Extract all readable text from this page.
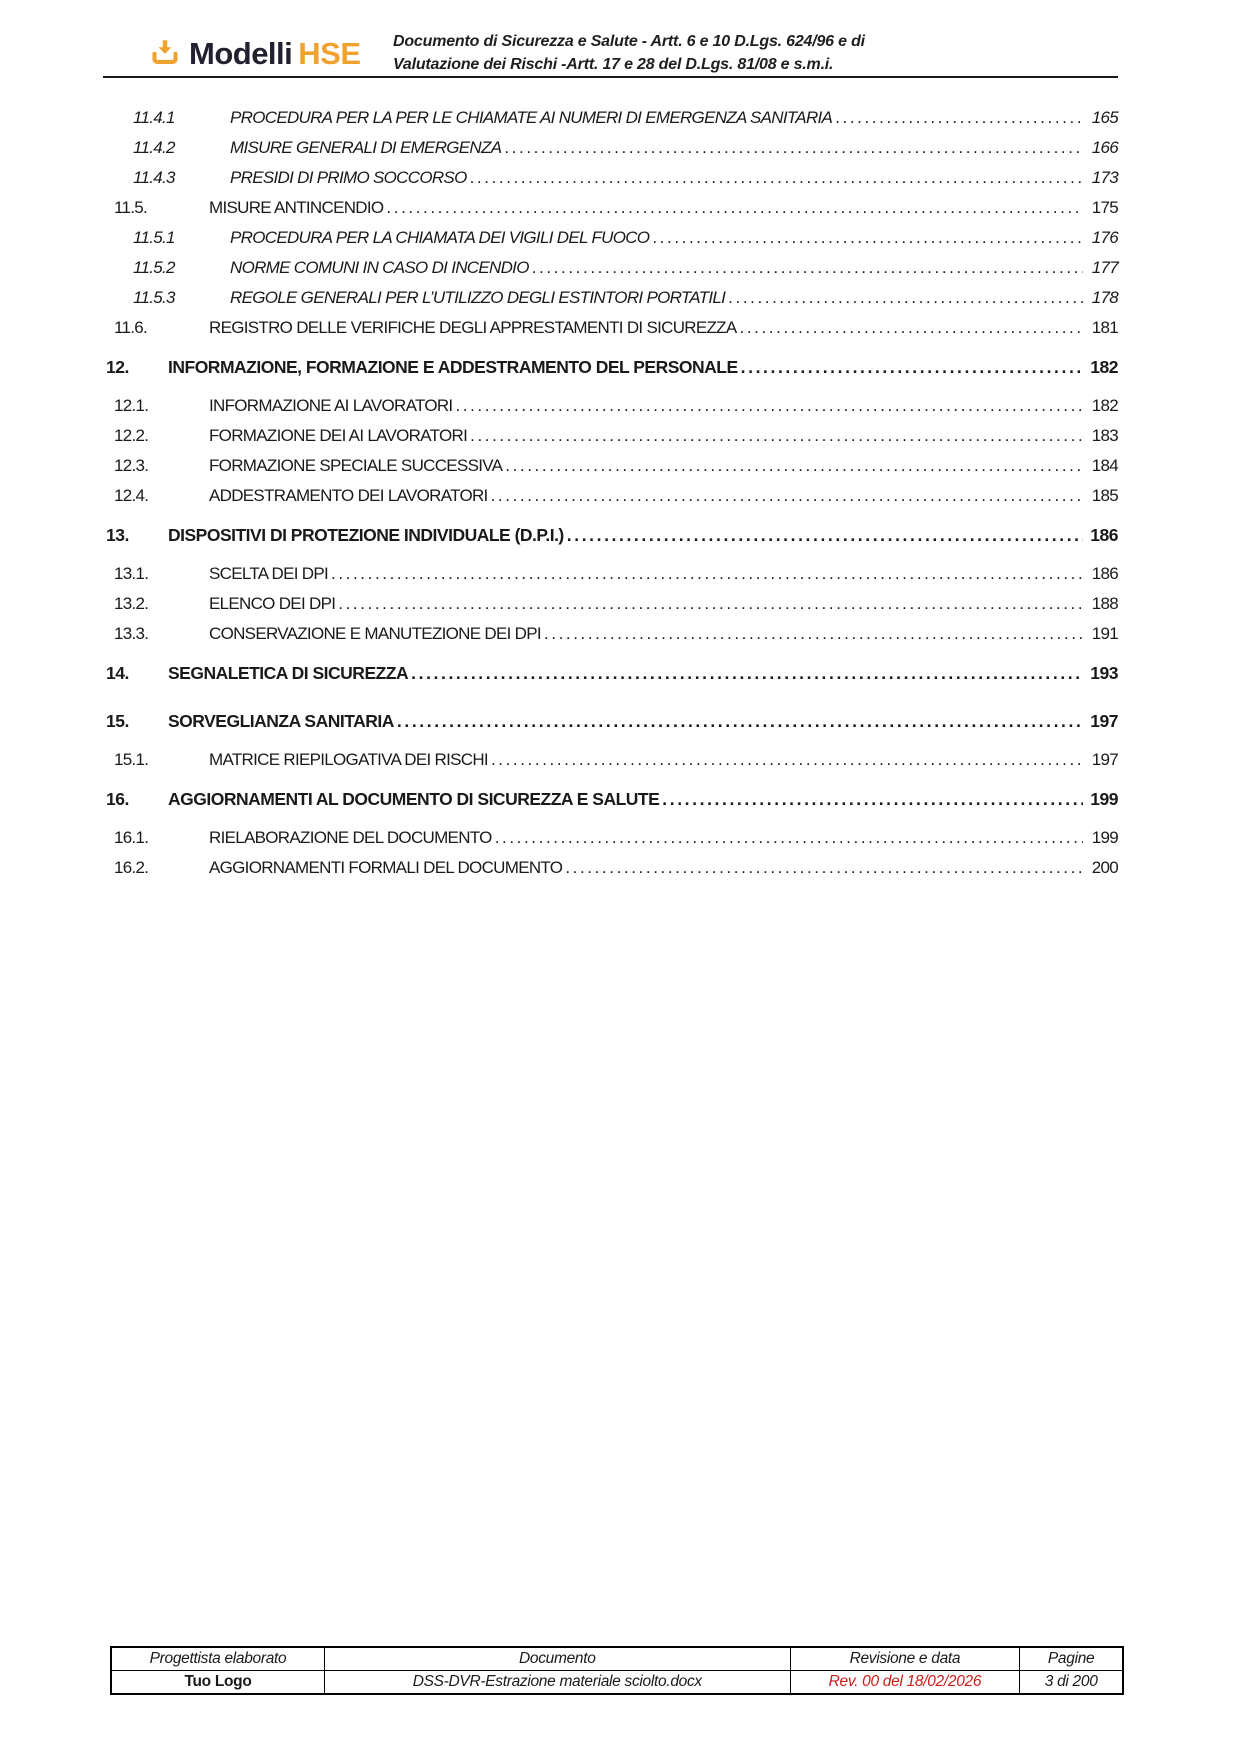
Modelli HSE Documento di Sicurezza e Salute - Artt. 6 e 10 D.Lgs. 624/96 e di
Valutazione dei Rischi -Artt. 17 e 28 del D.Lgs. 81/08 e s.m.i.
11.4.1	PROCEDURA PER LA PER LE CHIAMATE AI NUMERI DI EMERGENZA SANITARIA .....	165
11.4.2	MISURE GENERALI DI EMERGENZA .....	166
11.4.3	PRESIDI DI PRIMO SOCCORSO .....	173
11.5.	MISURE ANTINCENDIO .....	175
11.5.1	PROCEDURA PER LA CHIAMATA DEI VIGILI DEL FUOCO .....	176
11.5.2	NORME COMUNI IN CASO DI INCENDIO .....	177
11.5.3	REGOLE GENERALI PER L’UTILIZZO DEGLI ESTINTORI PORTATILI .....	178
11.6.	REGISTRO DELLE VERIFICHE DEGLI APPRESTAMENTI DI SICUREZZA .....	181
12.	INFORMAZIONE, FORMAZIONE E ADDESTRAMENTO DEL PERSONALE .....	182
12.1.	INFORMAZIONE AI LAVORATORI .....	182
12.2.	FORMAZIONE DEI AI LAVORATORI .....	183
12.3.	FORMAZIONE SPECIALE SUCCESSIVA .....	184
12.4.	ADDESTRAMENTO DEI LAVORATORI .....	185
13.	DISPOSITIVI DI PROTEZIONE INDIVIDUALE (D.P.I.) .....	186
13.1.	SCELTA DEI DPI .....	186
13.2.	ELENCO DEI DPI .....	188
13.3.	CONSERVAZIONE E MANUTEZIONE DEI DPI .....	191
14.	SEGNALETICA DI SICUREZZA .....	193
15.	SORVEGLIANZA SANITARIA .....	197
15.1.	MATRICE RIEPILOGATIVA DEI RISCHI .....	197
16.	AGGIORNAMENTI AL DOCUMENTO DI SICUREZZA E SALUTE .....	199
16.1.	RIELABORAZIONE DEL DOCUMENTO .....	199
16.2.	AGGIORNAMENTI FORMALI DEL DOCUMENTO .....	200
Progettista elaborato	Documento	Revisione e data	Pagine
Tuo Logo	DSS-DVR-Estrazione materiale sciolto.docx	Rev. 00 del 18/02/2026	3 di 200
